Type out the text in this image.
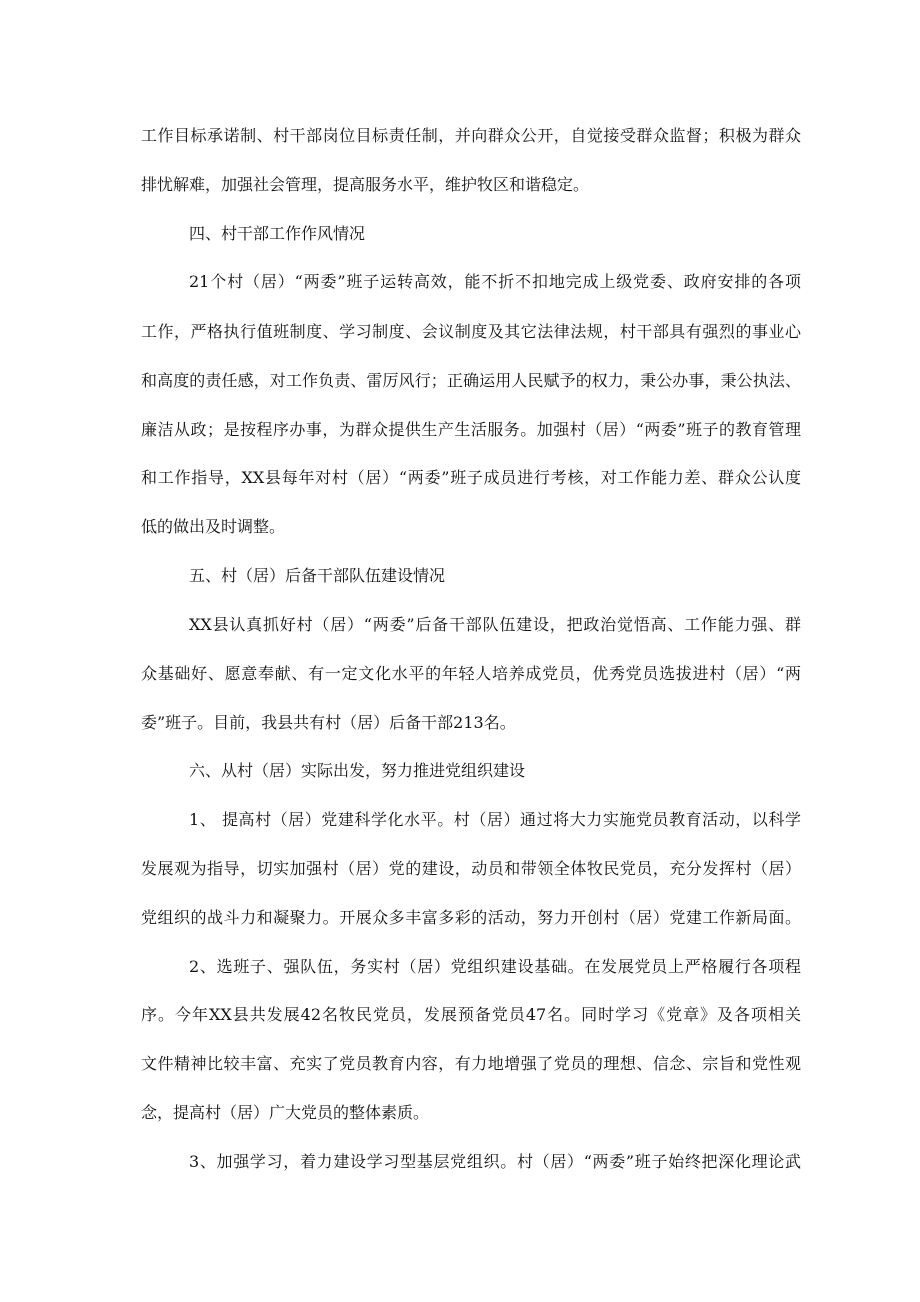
工作目标承诺制、村干部岗位目标责任制，并向群众公开，自觉接受群众监督；积极为群众
排忧解难，加强社会管理，提高服务水平，维护牧区和谐稳定。
四、村干部工作作风情况
21个村（居）“两委”班子运转高效，能不折不扣地完成上级党委、政府安排的各项
工作，严格执行值班制度、学习制度、会议制度及其它法律法规，村干部具有强烈的事业心
和高度的责任感，对工作负责、雷厉风行；正确运用人民赋予的权力，秉公办事，秉公执法、
廉洁从政；是按程序办事，为群众提供生产生活服务。加强村（居）“两委”班子的教育管理
和工作指导，XX县每年对村（居）“两委”班子成员进行考核，对工作能力差、群众公认度
低的做出及时调整。
五、村（居）后备干部队伍建设情况
XX县认真抓好村（居）“两委”后备干部队伍建设，把政治觉悟高、工作能力强、群
众基础好、愿意奉献、有一定文化水平的年轻人培养成党员，优秀党员选拔进村（居）“两
委”班子。目前，我县共有村（居）后备干部213名。
六、从村（居）实际出发，努力推进党组织建设
1、 提高村（居）党建科学化水平。村（居）通过将大力实施党员教育活动，以科学
发展观为指导，切实加强村（居）党的建设，动员和带领全体牧民党员，充分发挥村（居）
党组织的战斗力和凝聚力。开展众多丰富多彩的活动，努力开创村（居）党建工作新局面。
2、选班子、强队伍，务实村（居）党组织建设基础。在发展党员上严格履行各项程
序。今年XX县共发展42名牧民党员，发展预备党员47名。同时学习《党章》及各项相关
文件精神比较丰富、充实了党员教育内容，有力地增强了党员的理想、信念、宗旨和党性观
念，提高村（居）广大党员的整体素质。
3、加强学习，着力建设学习型基层党组织。村（居）“两委”班子始终把深化理论武
